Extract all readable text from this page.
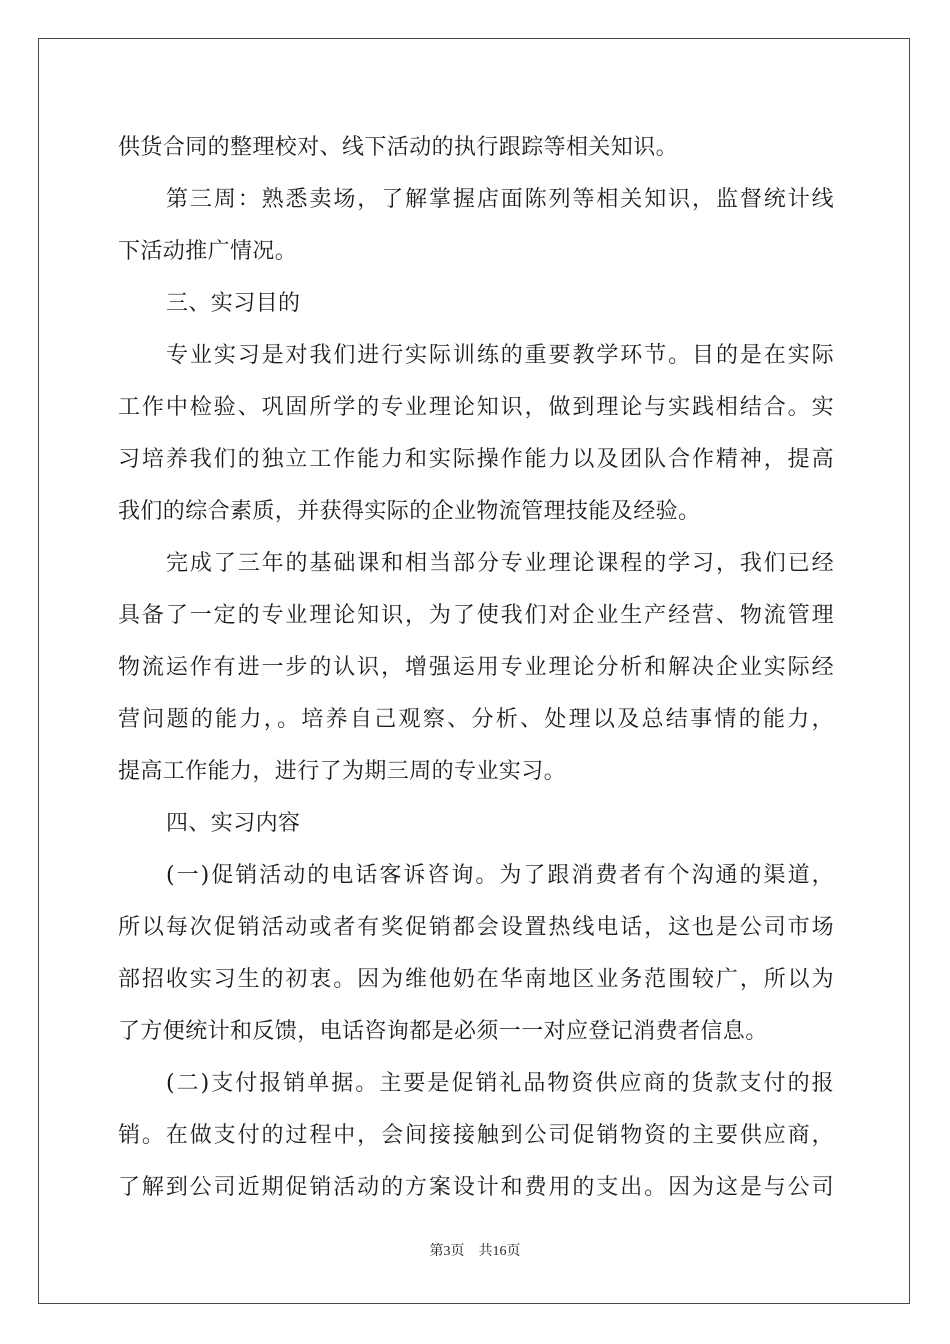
供货合同的整理校对、线下活动的执行跟踪等相关知识。
第三周：熟悉卖场，了解掌握店面陈列等相关知识，监督统计线
下活动推广情况。
三、实习目的
专业实习是对我们进行实际训练的重要教学环节。目的是在实际
工作中检验、巩固所学的专业理论知识，做到理论与实践相结合。实
习培养我们的独立工作能力和实际操作能力以及团队合作精神，提高
我们的综合素质，并获得实际的企业物流管理技能及经验。
完成了三年的基础课和相当部分专业理论课程的学习，我们已经
具备了一定的专业理论知识，为了使我们对企业生产经营、物流管理
物流运作有进一步的认识，增强运用专业理论分析和解决企业实际经
营问题的能力，。培养自己观察、分析、处理以及总结事情的能力，
提高工作能力，进行了为期三周的专业实习。
四、实习内容
(一)促销活动的电话客诉咨询。为了跟消费者有个沟通的渠道，
所以每次促销活动或者有奖促销都会设置热线电话，这也是公司市场
部招收实习生的初衷。因为维他奶在华南地区业务范围较广，所以为
了方便统计和反馈，电话咨询都是必须一一对应登记消费者信息。
(二)支付报销单据。主要是促销礼品物资供应商的货款支付的报
销。在做支付的过程中，会间接接触到公司促销物资的主要供应商，
了解到公司近期促销活动的方案设计和费用的支出。因为这是与公司
第3页 共16页
